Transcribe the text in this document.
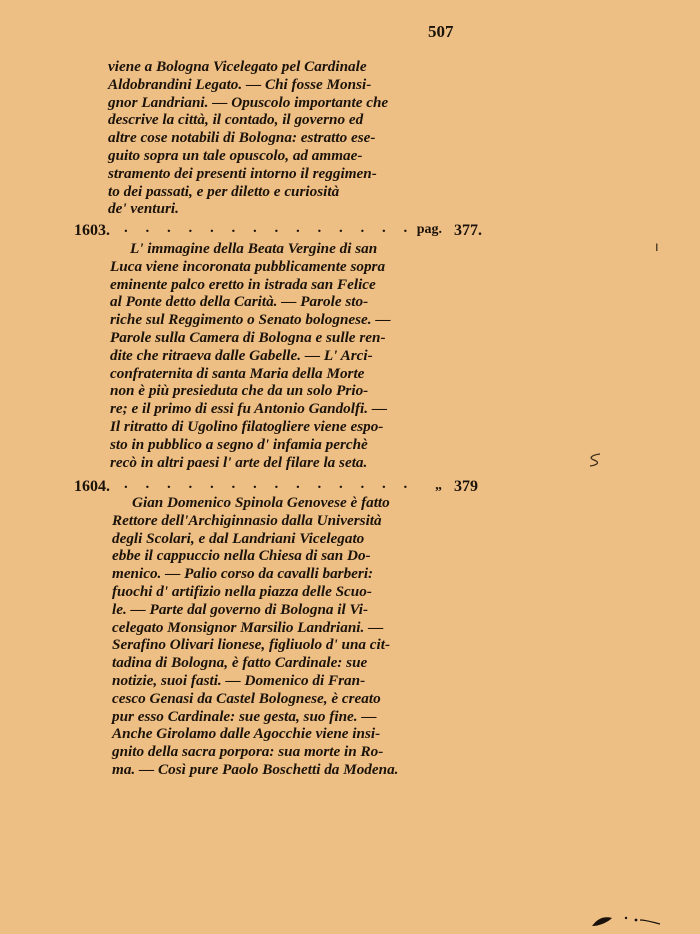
507
viene a Bologna Vicelegato pel Cardinale
Aldobrandini Legato. — Chi fosse Monsi-
gnor Landriani. — Opuscolo importante che
descrive la città, il contado, il governo ed
altre cose notabili di Bologna: estratto ese-
guito sopra un tale opuscolo, ad ammae-
stramento dei presenti intorno il reggimen-
to dei passati, e per diletto e curiosità
de' venturi.
1603. . . . . . . . . . . . . . . pag. 377.
L' immagine della Beata Vergine di san
Luca viene incoronata pubblicamente sopra
eminente palco eretto in istrada san Felice
al Ponte detto della Carità. — Parole sto-
riche sul Reggimento o Senato bolognese. —
Parole sulla Camera di Bologna e sulle ren-
dite che ritraeva dalle Gabelle. — L' Arci-
confraternita di santa Maria della Morte
non è più presieduta che da un solo Prio-
re; e il primo di essi fu Antonio Gandolfi. —
Il ritratto di Ugolino filatogliere viene espo-
sto in pubblico a segno d' infamia perchè
recò in altri paesi l' arte del filare la seta.
1604. . . . . . . . . . . . . . . „ 379
Gian Domenico Spinola Genovese è fatto
Rettore dell'Archiginnasio dalla Università
degli Scolari, e dal Landriani Vicelegato
ebbe il cappuccio nella Chiesa di san Do-
menico. — Palio corso da cavalli barberi:
fuochi d' artifizio nella piazza delle Scuo-
le. — Parte dal governo di Bologna il Vi-
celegato Monsignor Marsilio Landriani. —
Serafino Olivari lionese, figliuolo d' una cit-
tadina di Bologna, è fatto Cardinale: sue
notizie, suoi fasti. — Domenico di Fran-
cesco Genasi da Castel Bolognese, è creato
pur esso Cardinale: sue gesta, suo fine. —
Anche Girolamo dalle Agocchie viene insi-
gnito della sacra porpora: sua morte in Ro-
ma. — Così pure Paolo Boschetti da Modena.
ı
